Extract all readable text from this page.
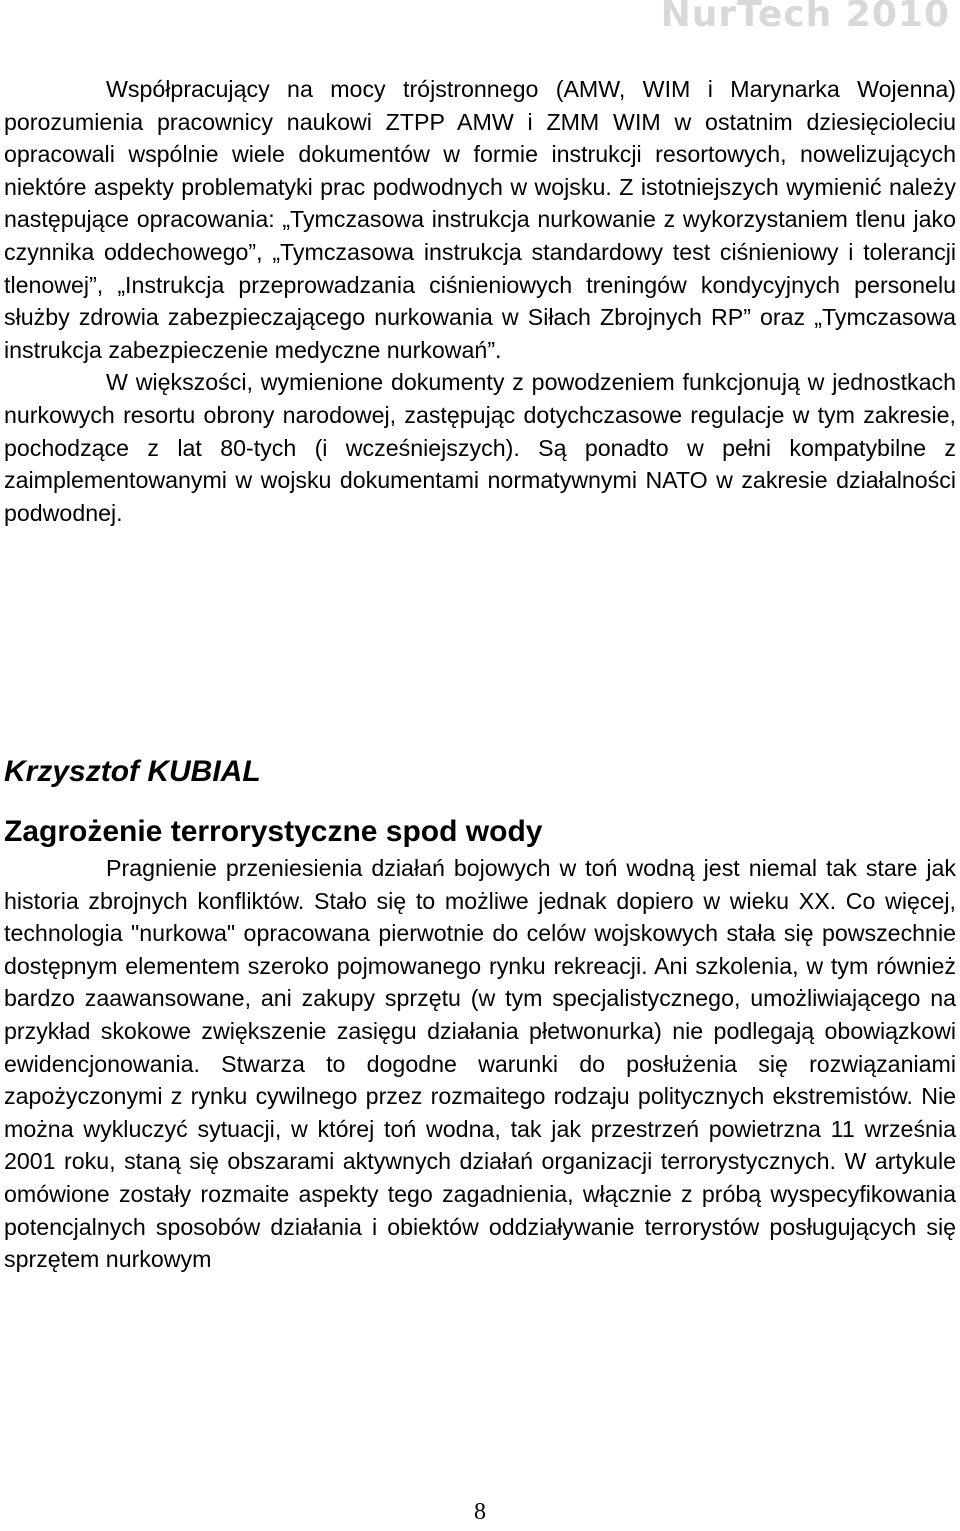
NurTech 2010

Współpracujący na mocy trójstronnego (AMW, WIM i Marynarka Wojenna) porozumienia pracownicy naukowi ZTPP AMW i ZMM WIM w ostatnim dziesięcioleciu opracowali wspólnie wiele dokumentów w formie instrukcji resortowych, nowelizujących niektóre aspekty problematyki prac podwodnych w wojsku. Z istotniejszych wymienić należy następujące opracowania: „Tymczasowa instrukcja nurkowanie z wykorzystaniem tlenu jako czynnika oddechowego”, „Tymczasowa instrukcja standardowy test ciśnieniowy i tolerancji tlenowej”, „Instrukcja przeprowadzania ciśnieniowych treningów kondycyjnych personelu służby zdrowia zabezpieczającego nurkowania w Siłach Zbrojnych RP” oraz „Tymczasowa instrukcja zabezpieczenie medyczne nurkowań”.

W większości, wymienione dokumenty z powodzeniem funkcjonują w jednostkach nurkowych resortu obrony narodowej, zastępując dotychczasowe regulacje w tym zakresie, pochodzące z lat 80-tych (i wcześniejszych). Są ponadto w pełni kompatybilne z zaimplementowanymi w wojsku dokumentami normatywnymi NATO w zakresie działalności podwodnej.

Krzysztof KUBIAL
Zagrożenie terrorystyczne spod wody

Pragnienie przeniesienia działań bojowych w toń wodną jest niemal tak stare jak historia zbrojnych konfliktów. Stało się to możliwe jednak dopiero w wieku XX. Co więcej, technologia "nurkowa" opracowana pierwotnie do celów wojskowych stała się powszechnie dostępnym elementem szeroko pojmowanego rynku rekreacji. Ani szkolenia, w tym również bardzo zaawansowane, ani zakupy sprzętu (w tym specjalistycznego, umożliwiającego na przykład skokowe zwiększenie zasięgu działania płetwonurka) nie podlegają obowiązkowi ewidencjonowania. Stwarza to dogodne warunki do posłużenia się rozwiązaniami zapożyczonymi z rynku cywilnego przez rozmaitego rodzaju politycznych ekstremistów. Nie można wykluczyć sytuacji, w której toń wodna, tak jak przestrzeń powietrzna 11 września 2001 roku, staną się obszarami aktywnych działań organizacji terrorystycznych. W artykule omówione zostały rozmaite aspekty tego zagadnienia, włącznie z próbą wyspecyfikowania potencjalnych sposobów działania i obiektów oddziaływanie terrorystów posługujących się sprzętem nurkowym

8
